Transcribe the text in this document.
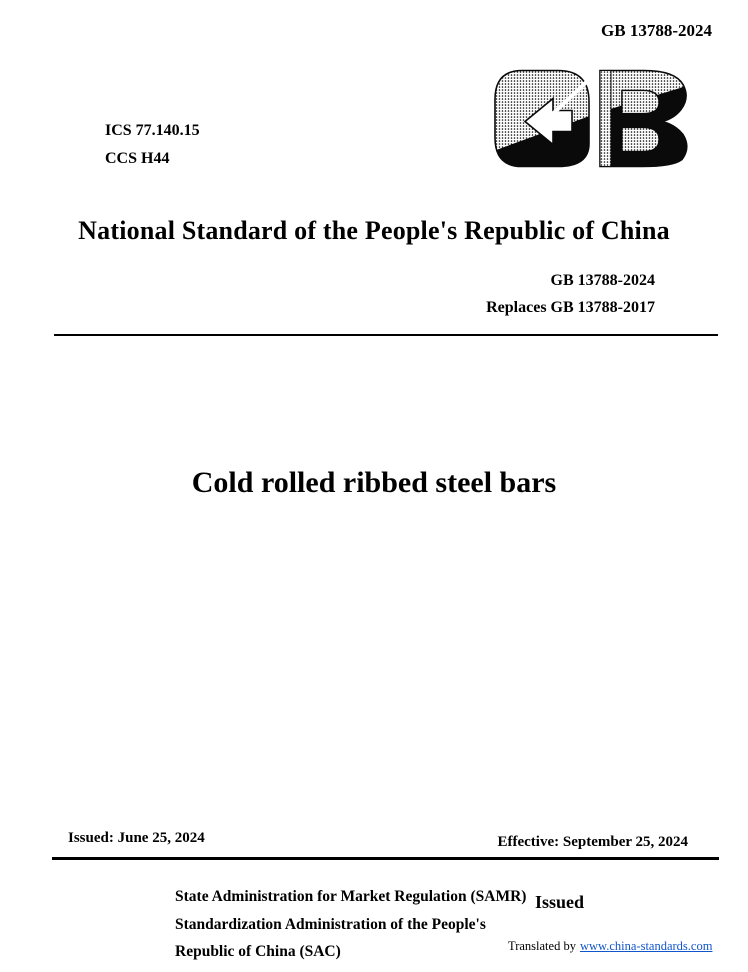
GB 13788-2024
ICS 77.140.15
CCS H44
National Standard of the People's Republic of China
GB 13788-2024
Replaces GB 13788-2017
Cold rolled ribbed steel bars
Issued: June 25, 2024	Effective: September 25, 2024
State Administration for Market Regulation (SAMR)
Standardization Administration of the People's
Republic of China (SAC)
Issued
Translated by www.china-standards.com
